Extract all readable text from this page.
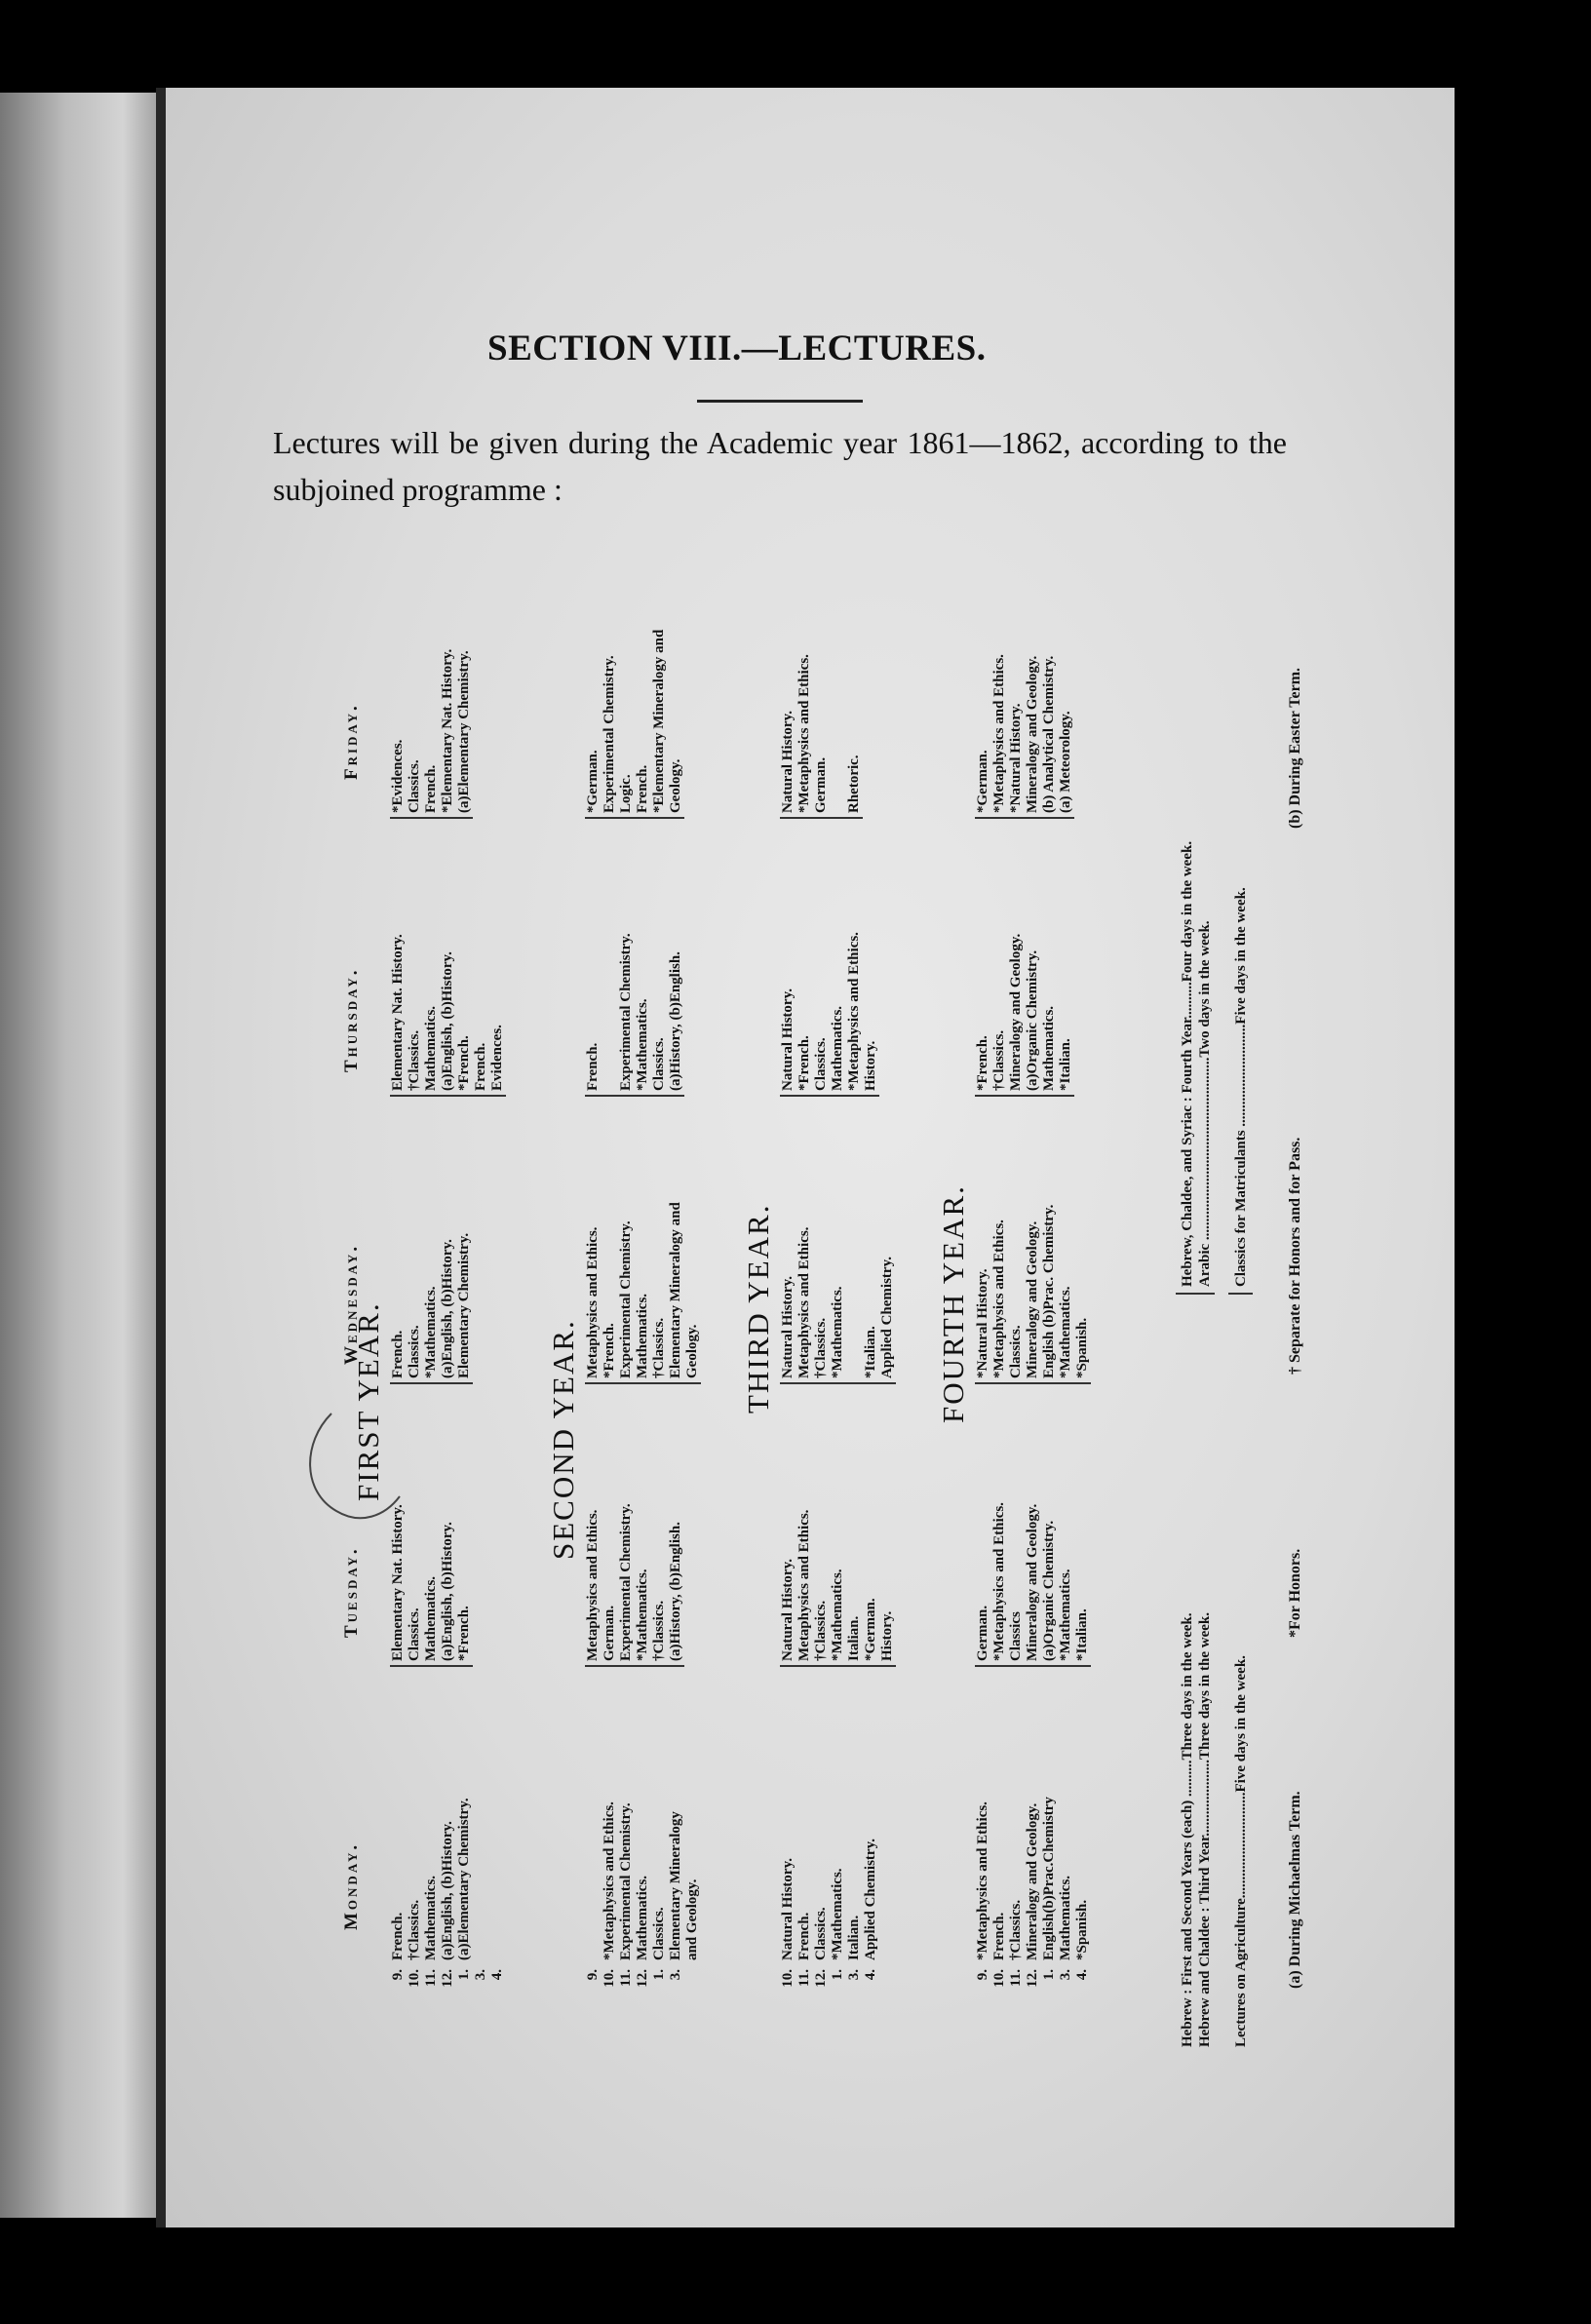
SECTION VIII.—LECTURES.
Lectures will be given during the Academic year 1861—1862, according to the subjoined programme :
Monday.
Tuesday.
Wednesday.
Thursday.
Friday.
FIRST YEAR.
9. 10. 11. 12. 1. 3. 4.
French. †Classics. Mathematics. (a)English, (b)History. (a)Elementary Chemistry.
Elementary Nat. History. Classics. Mathematics. (a)English, (b)History. *French.
French. Classics. *Mathematics. (a)English, (b)History. Elementary Chemistry.
Elementary Nat. History. †Classics. Mathematics. (a)English, (b)History. *French. French. Evidences.
*Evidences. Classics. French. *Elementary Nat. History. (a)Elementary Chemistry.
SECOND YEAR.
9. 10. 11. 12. 1. 3.
*Metaphysics and Ethics. Experimental Chemistry. Mathematics. Classics. Elementary Mineralogy and Geology.
Metaphysics and Ethics. German. Experimental Chemistry. *Mathematics. †Classics. (a)History, (b)English.
Metaphysics and Ethics. *French. Experimental Chemistry. Mathematics. †Classics. Elementary Mineralogy and Geology.
French. Experimental Chemistry. *Mathematics. Classics. (a)History, (b)English.
*German. Experimental Chemistry. Logic. French. *Elementary Mineralogy and Geology.
THIRD YEAR.
10. 11. 12. 1. 3. 4.
Natural History. French. Classics. *Mathematics. Italian. Applied Chemistry.
Natural History. Metaphysics and Ethics. †Classics. *Mathematics. Italian. *German. History.
Natural History. Metaphysics and Ethics. †Classics. *Mathematics. *Italian. Applied Chemistry.
Natural History. *French. Classics. Mathematics. *Metaphysics and Ethics. History.
Natural History. *Metaphysics and Ethics. German. Rhetoric.
FOURTH YEAR.
9. 10. 11. 12. 1. 3. 4.
*Metaphysics and Ethics. French. †Classics. Mineralogy and Geology. English(b)Prac.Chemistry Mathematics. *Spanish.
German. *Metaphysics and Ethics. Classics Mineralogy and Geology. (a)Organic Chemistry. *Mathematics. *Italian.
*Natural History. *Metaphysics and Ethics. Classics. Mineralogy and Geology. English (b)Prac. Chemistry. *Mathematics. *Spanish.
*French. †Classics. Mineralogy and Geology. (a)Organic Chemistry. Mathematics. *Italian.
*German. *Metaphysics and Ethics. *Natural History. Mineralogy and Geology. (b) Analytical Chemistry. (a) Meteorology.
Hebrew : First and Second Years (each) ..........Three days in the week. Hebrew and Chaldee : Third Year.....................Three days in the week.
Hebrew, Chaldee, and Syriac : Fourth Year..........Four days in the week. Arabic ..................................................Two days in the week.
Lectures on Agriculture.............................Five days in the week.
Classics for Matriculants ............................Five days in the week.
(a) During Michaelmas Term.
*For Honors.
† Separate for Honors and for Pass.
(b) During Easter Term.
